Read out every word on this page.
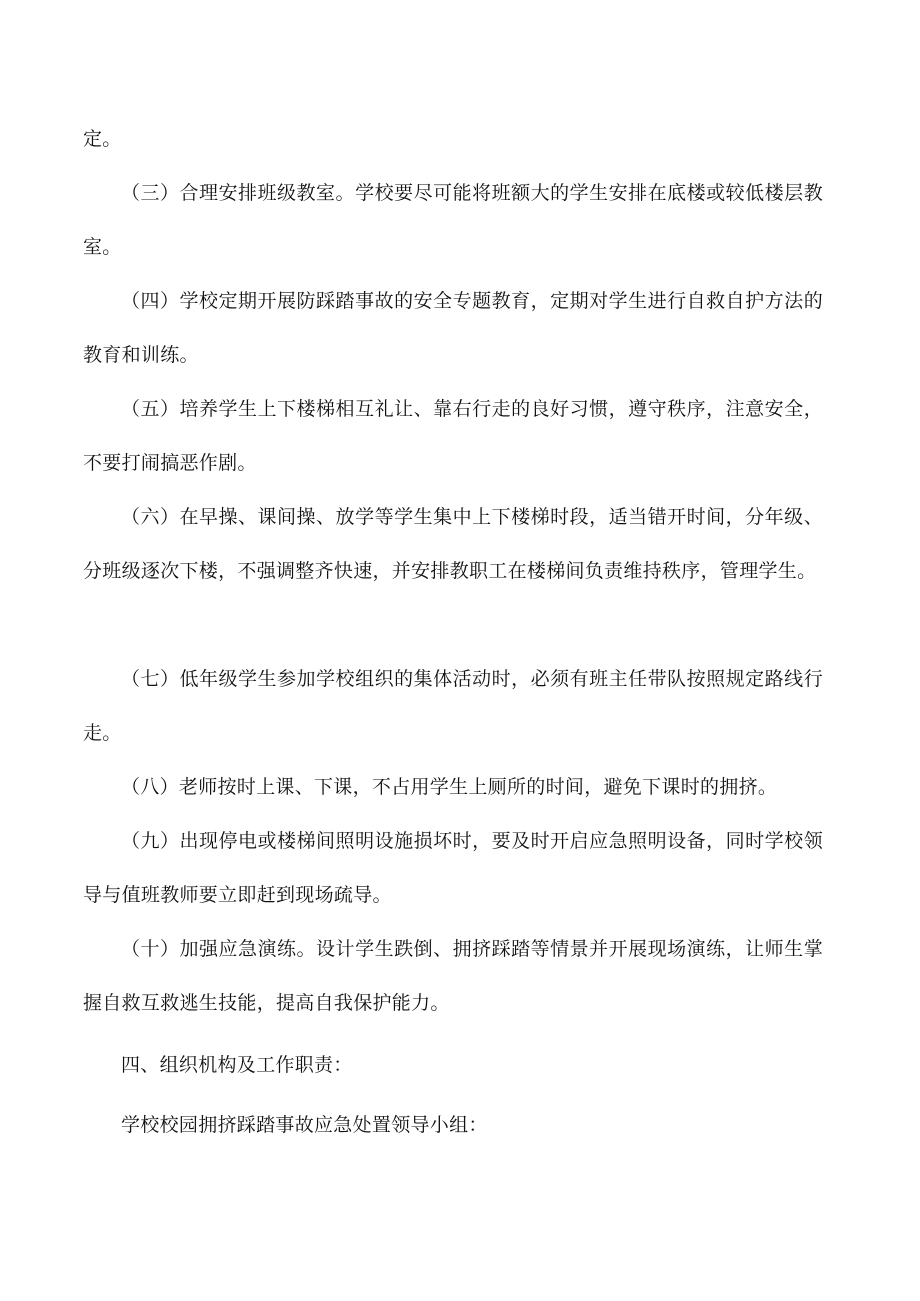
定。
（三）合理安排班级教室。学校要尽可能将班额大的学生安排在底楼或较低楼层教室。
（四）学校定期开展防踩踏事故的安全专题教育，定期对学生进行自救自护方法的教育和训练。
（五）培养学生上下楼梯相互礼让、靠右行走的良好习惯，遵守秩序，注意安全，不要打闹搞恶作剧。
（六）在早操、课间操、放学等学生集中上下楼梯时段，适当错开时间，分年级、分班级逐次下楼，不强调整齐快速，并安排教职工在楼梯间负责维持秩序，管理学生。
（七）低年级学生参加学校组织的集体活动时，必须有班主任带队按照规定路线行走。
（八）老师按时上课、下课，不占用学生上厕所的时间，避免下课时的拥挤。
（九）出现停电或楼梯间照明设施损坏时，要及时开启应急照明设备，同时学校领导与值班教师要立即赶到现场疏导。
（十）加强应急演练。设计学生跌倒、拥挤踩踏等情景并开展现场演练，让师生掌握自救互救逃生技能，提高自我保护能力。
四、组织机构及工作职责：
学校校园拥挤踩踏事故应急处置领导小组：
